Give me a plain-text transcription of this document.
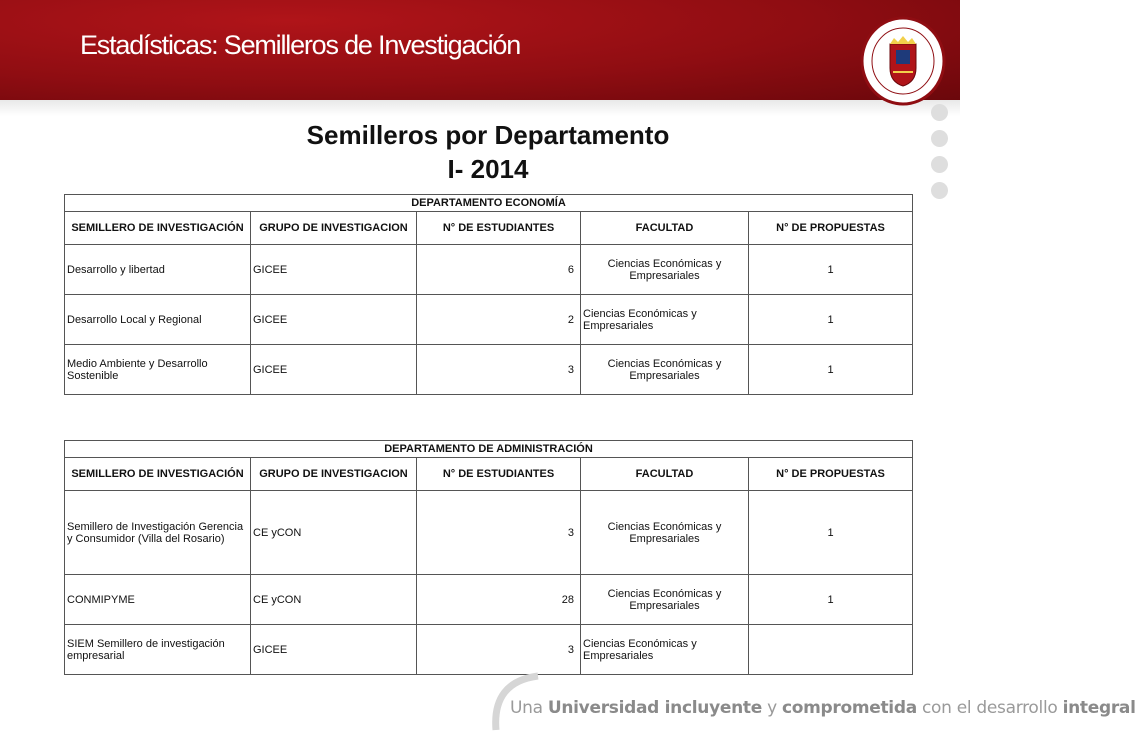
Estadísticas: Semilleros de Investigación
Semilleros por Departamento
I- 2014
DEPARTAMENTO ECONOMÍA				
SEMILLERO DE INVESTIGACIÓN	GRUPO DE INVESTIGACION	N° DE ESTUDIANTES	FACULTAD	N° DE PROPUESTAS
Desarrollo y libertad	GICEE	6	Ciencias Económicas y Empresariales	1
Desarrollo Local y Regional	GICEE	2	Ciencias Económicas y Empresariales	1
Medio Ambiente y Desarrollo Sostenible	GICEE	3	Ciencias Económicas y Empresariales	1
DEPARTAMENTO DE ADMINISTRACIÓN				
SEMILLERO DE INVESTIGACIÓN	GRUPO DE INVESTIGACION	N° DE ESTUDIANTES	FACULTAD	N° DE PROPUESTAS
Semillero de Investigación Gerencia y Consumidor (Villa del Rosario)	CE yCON	3	Ciencias Económicas y Empresariales	1
CONMIPYME	CE yCON	28	Ciencias Económicas y Empresariales	1
SIEM Semillero de investigación empresarial	GICEE	3	Ciencias Económicas y Empresariales	
Una Universidad incluyente y comprometida con el desarrollo integral
